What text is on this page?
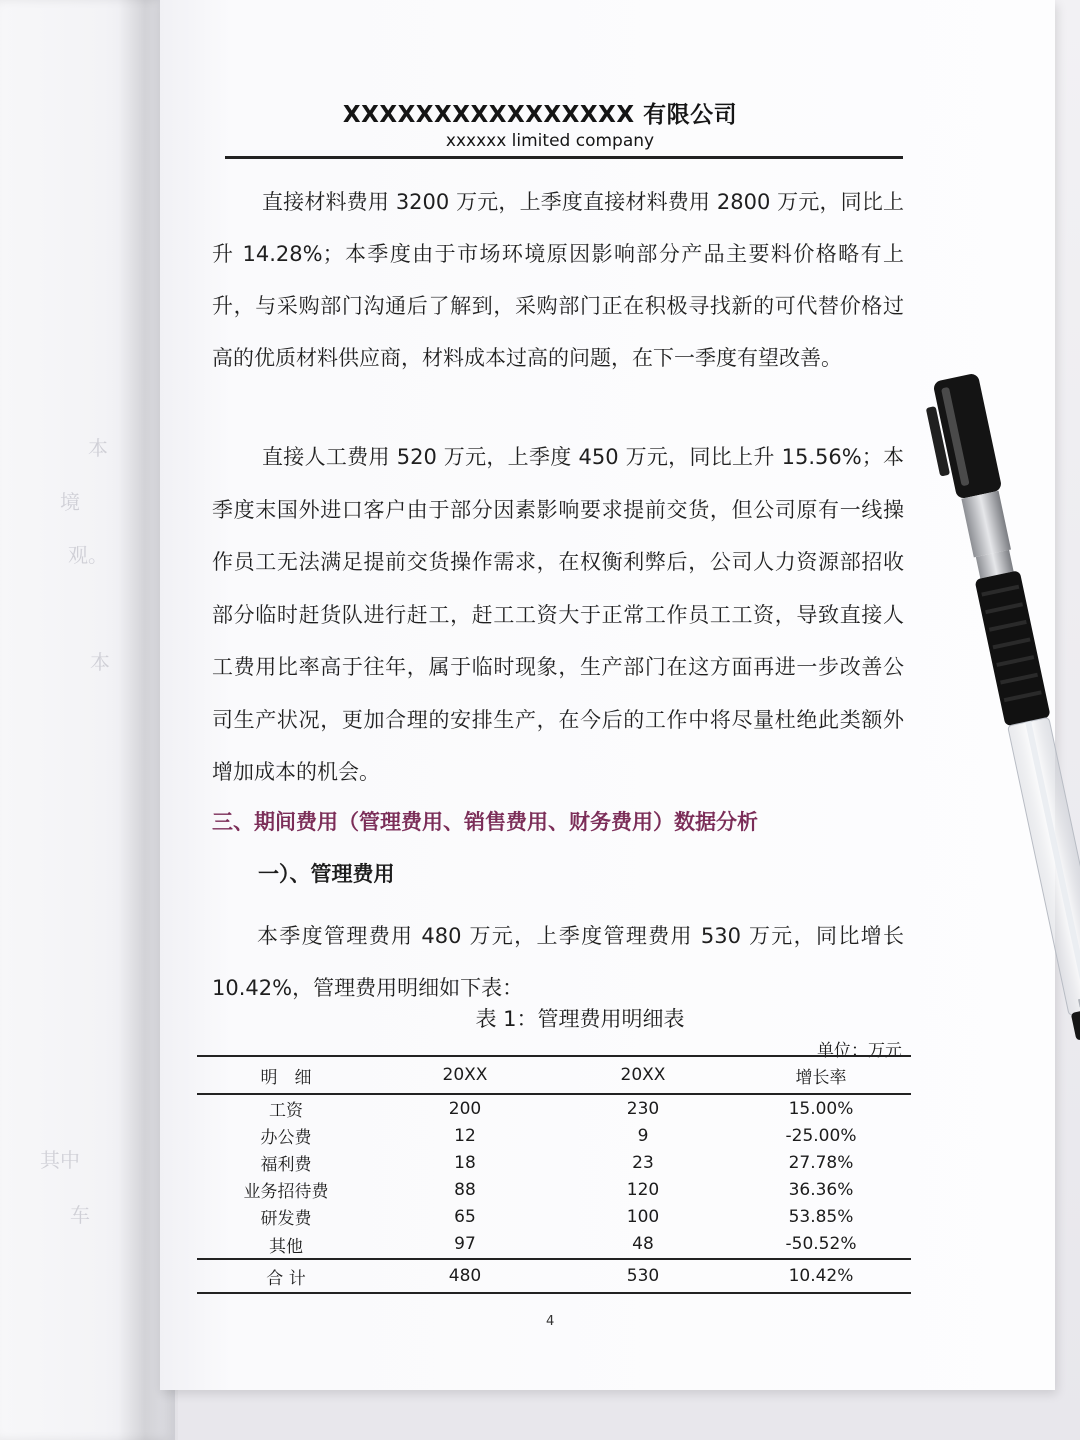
本
境
观。
本
其中
车
XXXXXXXXXXXXXXXX 有限公司
xxxxxx limited company
直接材料费用 3200 万元，上季度直接材料费用 2800 万元，同比上升 14.28%；本季度由于市场环境原因影响部分产品主要料价格略有上升，与采购部门沟通后了解到，采购部门正在积极寻找新的可代替价格过高的优质材料供应商，材料成本过高的问题，在下一季度有望改善。
直接人工费用 520 万元，上季度 450 万元，同比上升 15.56%；本季度末国外进口客户由于部分因素影响要求提前交货，但公司原有一线操作员工无法满足提前交货操作需求，在权衡利弊后，公司人力资源部招收部分临时赶货队进行赶工，赶工工资大于正常工作员工工资，导致直接人工费用比率高于往年，属于临时现象，生产部门在这方面再进一步改善公司生产状况，更加合理的安排生产，在今后的工作中将尽量杜绝此类额外增加成本的机会。
三、期间费用（管理费用、销售费用、财务费用）数据分析
一）、管理费用
本季度管理费用 480 万元，上季度管理费用 530 万元，同比增长 10.42%，管理费用明细如下表：
表 1：管理费用明细表
单位：万元
明　细	20XX	20XX	增长率
工资	200	230	15.00%
办公费	12	9	-25.00%
福利费	18	23	27.78%
业务招待费	88	120	36.36%
研发费	65	100	53.85%
其他	97	48	-50.52%
合 计	480	530	10.42%
4
